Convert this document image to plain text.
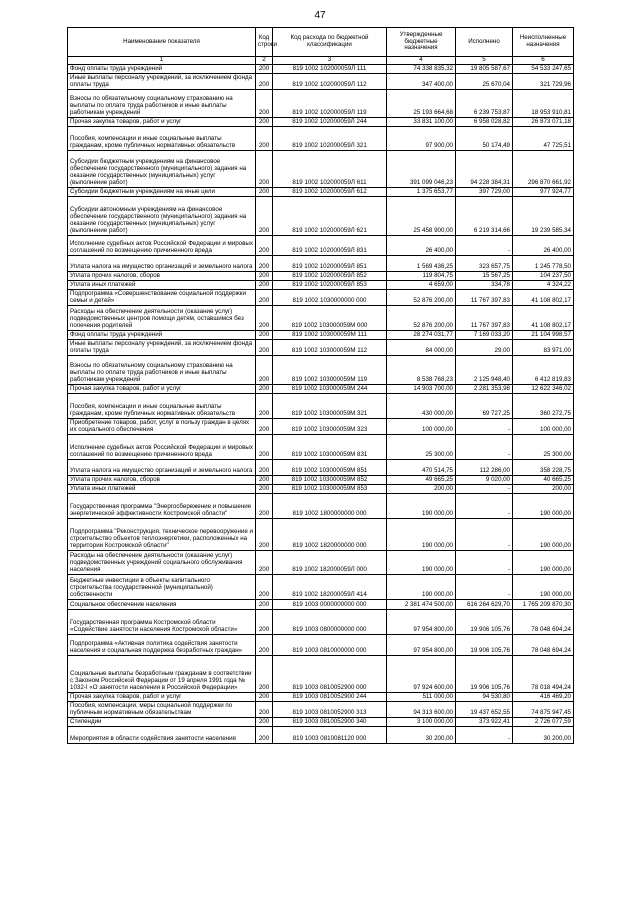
47
Наименование показателя	Код строки	Код расхода по бюджетной классификации	Утвержденные бюджетные назначения	Исполнено	Неисполненные назначения
1	2	3	4	5	6
Фонд оплаты труда учреждений	200	819 1002 102000059Л 111	74 338 835,32	19 805 587,67	54 533 247,65
Иные выплаты персоналу учреждений, за исключением фонда оплаты труда	200	819 1002 102000059Л 112	347 400,00	25 670,04	321 729,96
Взносы по обязательному социальному страхованию на выплаты по оплате труда работников и иные выплаты работникам учреждений	200	819 1002 102000059Л 119	25 193 664,68	6 239 753,87	18 953 910,81
Прочая закупка товаров, работ и услуг	200	819 1002 102000059Л 244	33 831 100,00	6 958 028,82	26 873 071,18
Пособия, компенсации и иные социальные выплаты гражданам, кроме публичных нормативных обязательств	200	819 1002 102000059Л 321	97 900,00	50 174,49	47 725,51
Субсидии бюджетным учреждениям на финансовое обеспечение государственного (муниципального) задания на оказание государственных (муниципальных) услуг (выполнение работ)	200	819 1002 102000059Л 611	391 099 046,23	94 228 384,31	296 870 661,92
Субсидии бюджетным учреждениям на иные цели	200	819 1002 102000059Л 612	1 375 653,77	397 729,00	977 924,77
Субсидии автономным учреждениям на финансовое обеспечение государственного (муниципального) задания на оказание государственных (муниципальных) услуг (выполнение работ)	200	819 1002 102000059Л 621	25 458 900,00	6 219 314,66	19 239 585,34
Исполнение судебных актов Российской Федерации и мировых соглашений по возмещению причиненного вреда	200	819 1002 102000059Л 831	26 400,00	-	26 400,00
Уплата налога на имущество организаций и земельного налога	200	819 1002 102000059Л 851	1 569 436,25	323 657,75	1 245 778,50
Уплата прочих налогов, сборов	200	819 1002 102000059Л 852	119 804,75	15 567,25	104 237,50
Уплата иных платежей	200	819 1002 102000059Л 853	4 659,00	334,78	4 324,22
Подпрограмма «Совершенствование социальной поддержки семьи и детей»	200	819 1002 1030000000 000	52 876 200,00	11 767 397,83	41 108 802,17
Расходы на обеспечение деятельности (оказание услуг) подведомственных центров помощи детям, оставшимся без попечения родителей	200	819 1002 103000059М 000	52 876 200,00	11 767 397,83	41 108 802,17
Фонд оплаты труда учреждений	200	819 1002 103000059М 111	28 274 031,77	7 169 033,20	21 104 998,57
Иные выплаты персоналу учреждений, за исключением фонда оплаты труда	200	819 1002 103000059М 112	84 000,00	29,00	83 971,00
Взносы по обязательному социальному страхованию на выплаты по оплате труда работников и иные выплаты работникам учреждений	200	819 1002 103000059М 119	8 538 768,23	2 125 948,40	6 412 819,83
Прочая закупка товаров, работ и услуг	200	819 1002 103000059М 244	14 903 700,00	2 281 353,98	12 622 346,02
Пособия, компенсации и иные социальные выплаты гражданам, кроме публичных нормативных обязательств	200	819 1002 103000059М 321	430 000,00	69 727,25	360 272,75
Приобретение товаров, работ, услуг в пользу граждан в целях их социального обеспечения	200	819 1002 103000059М 323	100 000,00	-	100 000,00
Исполнение судебных актов Российской Федерации и мировых соглашений по возмещению причиненного вреда	200	819 1002 103000059М 831	25 300,00	-	25 300,00
Уплата налога на имущество организаций и земельного налога	200	819 1002 103000059М 851	470 514,75	112 286,00	358 228,75
Уплата прочих налогов, сборов	200	819 1002 103000059М 852	49 665,25	9 020,00	40 665,25
Уплата иных платежей	200	819 1002 103000059М 853	200,00	-	200,00
Государственная программа "Энергосбережение и повышение энергетической эффективности Костромской области"	200	819 1002 1800000000 000	190 000,00	-	190 000,00
Подпрограмма "Реконструкция, техническое перевооружение и строительство объектов теплоэнергетики, расположенных на территории Костромской области"	200	819 1002 1820000000 000	190 000,00	-	190 000,00
Расходы на обеспечение деятельности (оказание услуг) подведомственных учреждений социального обслуживания населения	200	819 1002 182000059Л 000	190 000,00	-	190 000,00
Бюджетные инвестиции в объекты капитального строительства государственной (муниципальной) собственности	200	819 1002 182000059Л 414	190 000,00	-	190 000,00
Социальное обеспечение населения	200	819 1003 0000000000 000	2 381 474 500,00	616 264 629,70	1 765 209 870,30
Государственная программа Костромской области «Содействие занятости населения Костромской области»	200	819 1003 0800000000 000	97 954 800,00	19 906 105,76	78 048 694,24
Подпрограмма «Активная политика содействия занятости населения и социальная поддержка безработных граждан»	200	819 1003 0810000000 000	97 954 800,00	19 906 105,76	78 048 694,24
Социальные выплаты безработным гражданам в соответствии с Законом Российской Федерации от 19 апреля 1991 года № 1032-I «О занятости населения в Российской Федерации»	200	819 1003 0810052900 000	97 924 600,00	19 906 105,76	78 018 494,24
Прочая закупка товаров, работ и услуг	200	819 1003 0810052900 244	511 000,00	94 530,80	416 469,20
Пособия, компенсации, меры социальной поддержки по публичным нормативным обязательствам	200	819 1003 0810052900 313	94 313 600,00	19 437 652,55	74 875 947,45
Стипендии	200	819 1003 0810052900 340	3 100 000,00	373 922,41	2 726 077,59
Мероприятия в области содействия занятости населения	200	819 1003 0810081120 000	30 200,00	-	30 200,00
